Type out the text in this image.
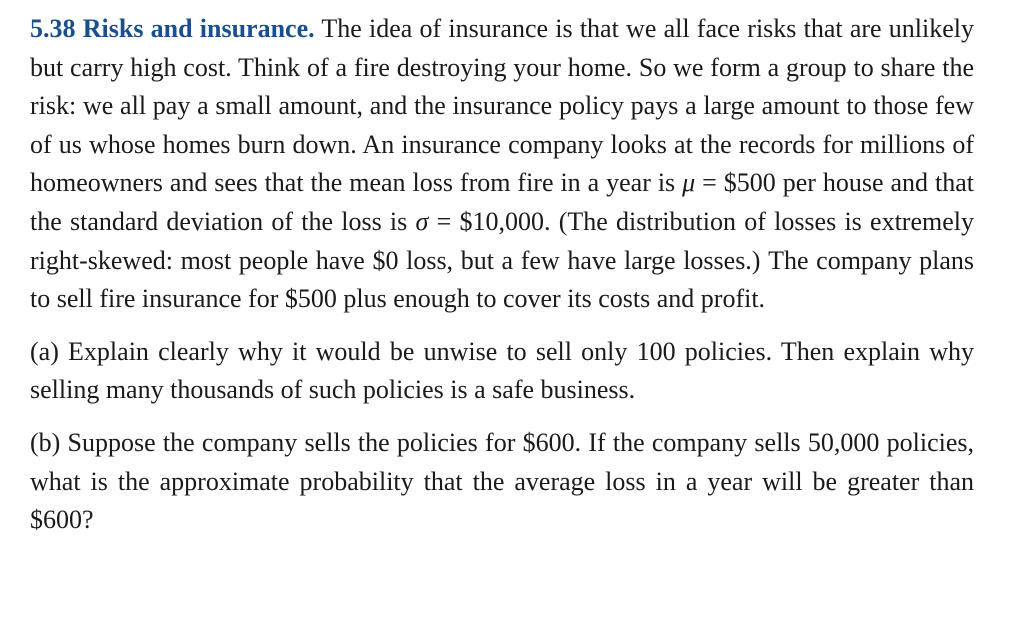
5.38 Risks and insurance. The idea of insurance is that we all face risks that are unlikely but carry high cost. Think of a fire destroying your home. So we form a group to share the risk: we all pay a small amount, and the insurance policy pays a large amount to those few of us whose homes burn down. An insurance company looks at the records for millions of homeowners and sees that the mean loss from fire in a year is μ = $500 per house and that the standard deviation of the loss is σ = $10,000. (The distribution of losses is extremely right-skewed: most people have $0 loss, but a few have large losses.) The company plans to sell fire insurance for $500 plus enough to cover its costs and profit.

(a) Explain clearly why it would be unwise to sell only 100 policies. Then explain why selling many thousands of such policies is a safe business.

(b) Suppose the company sells the policies for $600. If the company sells 50,000 policies, what is the approximate probability that the average loss in a year will be greater than $600?
